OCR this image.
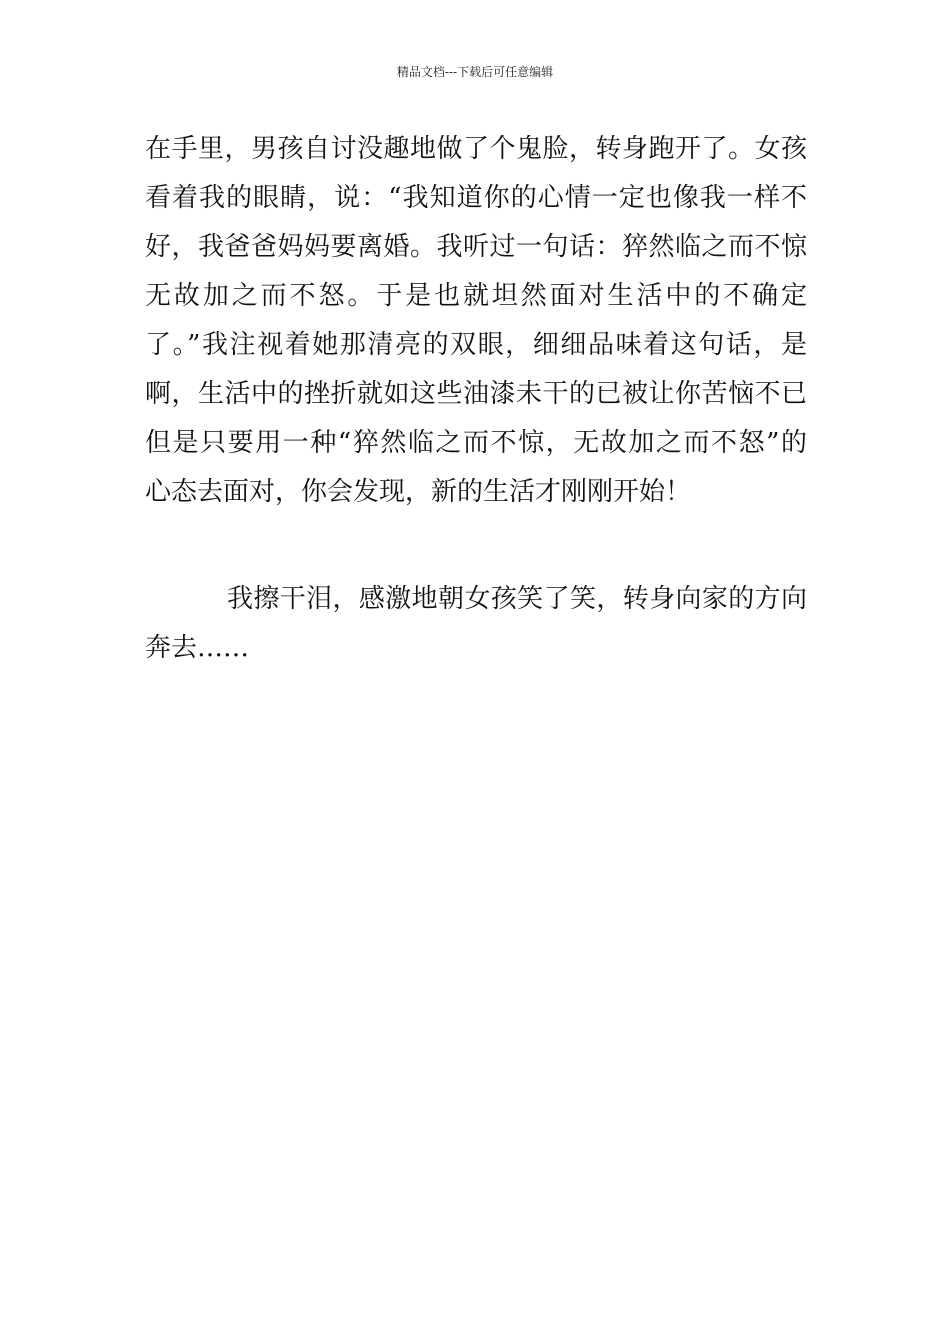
精品文档---下载后可任意编辑
在手里，男孩自讨没趣地做了个鬼脸，转身跑开了。女孩
看着我的眼睛，说：“我知道你的心情一定也像我一样不
好，我爸爸妈妈要离婚。我听过一句话：猝然临之而不惊
无故加之而不怒。于是也就坦然面对生活中的不确定
了。”我注视着她那清亮的双眼，细细品味着这句话，是
啊，生活中的挫折就如这些油漆未干的已被让你苦恼不已
但是只要用一种“猝然临之而不惊，无故加之而不怒”的
心态去面对，你会发现，新的生活才刚刚开始！
我擦干泪，感激地朝女孩笑了笑，转身向家的方向
奔去……
